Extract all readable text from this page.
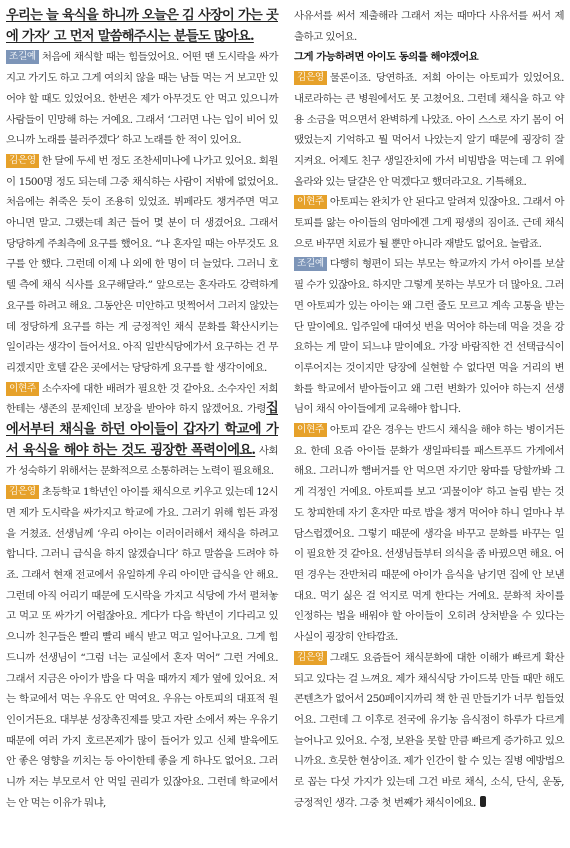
우리는 늘 육식을 하니까 오늘은 김 사장이 가는 곳에 가자’ 고 먼저 말씀해주시는 분들도 많아요.

조길예 처음에 채식할 때는 힘들었어요. 어떤 땐 도시락을 싸가지고 가기도 하고 그게 여의치 않을 때는 남들 먹는 거 보고만 있어야 할 때도 있었어요. 한번은 제가 아무것도 안 먹고 있으니까 사람들이 민망해 하는 거예요. 그래서 ‘그러면 나는 입이 비어 있으니까 노래를 불러주겠다’ 하고 노래를 한 적이 있어요.

김은영 한 달에 두세 번 정도 조찬세미나에 나가고 있어요. 회원이 1500명 정도 되는데 그중 채식하는 사람이 저밖에 없었어요. 처음에는 취죽은 듯이 조용히 있었죠. 뷔페라도 챙겨주면 먹고 아니면 말고. 그랬는데 최근 들어 몇 분이 더 생겼어요. 그래서 당당하게 주최측에 요구를 했어요. “나 혼자일 때는 아무것도 요구를 안 했다. 그런데 이제 나 외에 한 명이 더 늘었다. 그러니 호텔 측에 채식 식사를 요구해달라.” 앞으로는 혼자라도 강력하게 요구를 하려고 해요. 그동안은 미안하고 멋쩍어서 그러지 않았는데 정당하게 요구를 하는 게 긍정적인 채식 문화를 확산시키는 일이라는 생각이 들어서요. 아직 일반식당에가서 요구하는 건 무리겠지만 호텔 같은 곳에서는 당당하게 요구를 할 생각이에요.

이현주 소수자에 대한 배려가 필요한 것 같아요. 소수자인 저희한테는 생존의 문제인데 보장을 받아야 하지 않겠어요. 가령집에서부터 채식을 하던 아이들이 갑자기 학교에 가서 육식을 해야 하는 것도 굉장한 폭력이에요. 사회가 성숙하기 위해서는 문화적으로 소통하려는 노력이 필요해요.

김은영 초등학교 1학년인 아이를 채식으로 키우고 있는데 12시면 제가 도시락을 싸가지고 학교에 가요. 그러기 위해 힘든 과정을 거쳤죠. 선생님께 ‘우리 아이는 이러이러해서 채식을 하려고 합니다. 그러니 급식을 하지 않겠습니다’ 하고 말씀을 드려야 하죠. 그래서 현재 전교에서 유일하게 우리 아이만 급식을 안 해요. 그런데 아직 어리기 때문에 도시락을 가지고 식당에 가서 펼쳐놓고 먹고 또 싸가기 어렵잖아요. 게다가 다음 학년이 기다리고 있으니까 친구들은 빨리 빨리 배식 받고 먹고 일어나고요. 그게 힘드니까 선생님이 “그럼 너는 교실에서 혼자 먹어” 그런 거예요. 그래서 지금은 아이가 밥을 다 먹을 때까지 제가 옆에 있어요. 저는 학교에서 먹는 우유도 안 먹여요. 우유는 아토피의 대표적 원인이거든요. 대부분 성장촉진제를 맞고 자란 소에서 짜는 우유기 때문에 여러 가지 호르몬제가 많이 들어가 있고 신체 발육에도 안 좋은 영향을 끼치는 등 아이한테 좋을 게 하나도 없어요. 그러니까 저는 부모로서 안 먹일 권리가 있잖아요. 그런데 학교에서는 안 먹는 이유가 뭐냐,

사유서를 써서 제출해라 그래서 저는 때마다 사유서를 써서 제출하고 있어요.

그게 가능하려면 아이도 동의를 해야겠어요

김은영 물론이죠. 당연하죠. 저희 아이는 아토피가 있었어요. 내로라하는 큰 병원에서도 못 고쳤어요. 그런데 채식을 하고 약용 소금을 먹으면서 완벽하게 나았죠. 아이 스스로 자기 몸이 어땠었는지 기억하고 뭘 먹어서 나았는지 알기 때문에 굉장히 잘 지켜요. 어제도 친구 생일잔치에 가서 비빔밥을 먹는데 그 위에 올라와 있는 달걀은 안 먹겠다고 했더라고요. 기특해요.

이현주 아토피는 완치가 안 된다고 알려져 있잖아요. 그래서 아토피를 앓는 아이들의 엄마에겐 그게 평생의 짐이죠. 근데 채식으로 바꾸면 치료가 될 뿐만 아니라 재발도 없어요. 놀랍죠.

조길예 다행히 형편이 되는 부모는 학교까지 가서 아이를 보살필 수가 있잖아요. 하지만 그렇게 못하는 부모가 더 많아요. 그러면 아토피가 있는 아이는 왜 그런 줄도 모르고 계속 고통을 받는단 말이예요. 입주일에 대여섯 번을 먹어야 하는데 먹을 것을 강요하는 게 말이 되느냐 말이예요. 가장 바람직한 건 선택급식이 이루어지는 것이지만 당장에 실현할 수 없다면 먹을 거리의 변화를 학교에서 받아들이고 왜 그런 변화가 있어야 하는지 선생님이 채식 아이들에게 교육해야 합니다.

이현주 아토피 같은 경우는 반드시 채식을 해야 하는 병이거든요. 한데 요즘 아이들 문화가 생일파티를 패스트푸드 가게에서 해요. 그러니까 햄버거를 안 먹으면 자기만 왕따를 당할까봐 그게 걱정인 거예요. 아토피를 보고 ‘괴물이야’ 하고 놀림 받는 것도 창피한데 자기 혼자만 따로 밥을 챙겨 먹어야 하니 얼마나 부담스럽겠어요. 그렇기 때문에 생각을 바꾸고 문화를 바꾸는 일이 필요한 것 같아요. 선생님들부터 의식을 좀 바뀠으면 해요. 어떤 경우는 잔반처리 때문에 아이가 음식을 남기면 집에 안 보낸대요. 먹기 싫은 걸 억지로 먹게 한다는 거예요. 문화적 차이를 인정하는 법을 배워야 할 아이들이 오히려 상처받을 수 있다는 사실이 굉장히 안타깝죠.

김은영 그래도 요즘들어 채식문화에 대한 이해가 빠르게 확산되고 있다는 걸 느껴요. 제가 채식식당 가이드북 만들 때만 해도 콘텐츠가 없어서 250페이지까리 책 한 권 만들기가 너무 힘들었어요. 그런데 그 이후로 전국에 유기농 음식점이 하루가 다르게 늘어나고 있어요. 수정, 보완을 못할 만큼 빠르게 증가하고 있으니까요. 흐뭇한 현상이죠. 제가 인간이 할 수 있는 질병 예방법으로 꼽는 다섯 가지가 있는데 그건 바로 채식, 소식, 단식, 운동, 긍정적인 생각. 그중 첫 번째가 채식이에요.
